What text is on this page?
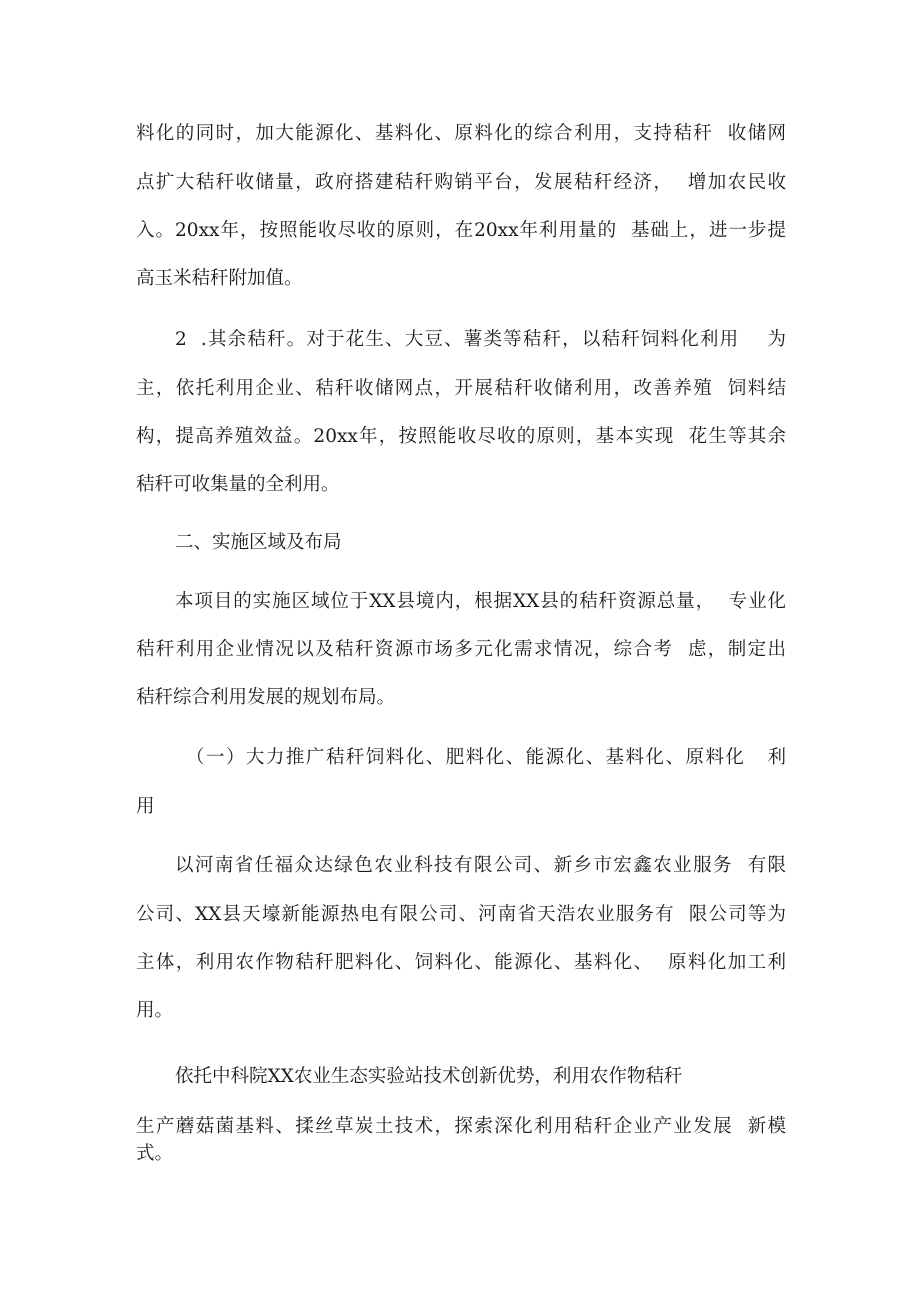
料化的同时，加大能源化、基料化、原料化的综合利用，支持秸秆  收储网
点扩大秸秆收储量，政府搭建秸秆购销平台，发展秸秆经济，  增加农民收
入。20xx年，按照能收尽收的原则，在20xx年利用量的  基础上，进一步提
高玉米秸秆附加值。
2  .其余秸秆。对于花生、大豆、薯类等秸秆，以秸秆饲料化利用    为
主，依托利用企业、秸秆收储网点，开展秸秆收储利用，改善养殖  饲料结
构，提高养殖效益。20xx年，按照能收尽收的原则，基本实现  花生等其余
秸秆可收集量的全利用。
二、实施区域及布局
本项目的实施区域位于XX县境内，根据XX县的秸秆资源总量，  专业化
秸秆利用企业情况以及秸秆资源市场多元化需求情况，综合考  虑，制定出
秸秆综合利用发展的规划布局。
（一）大力推广秸秆饲料化、肥料化、能源化、基料化、原料化   利
用
以河南省任福众达绿色农业科技有限公司、新乡市宏鑫农业服务  有限
公司、XX县天壕新能源热电有限公司、河南省天浩农业服务有  限公司等为
主体，利用农作物秸秆肥料化、饲料化、能源化、基料化、  原料化加工利
用。
依托中科院XX农业生态实验站技术创新优势，利用农作物秸秆
生产蘑菇菌基料、揉丝草炭土技术，探索深化利用秸秆企业产业发展  新模
式。
